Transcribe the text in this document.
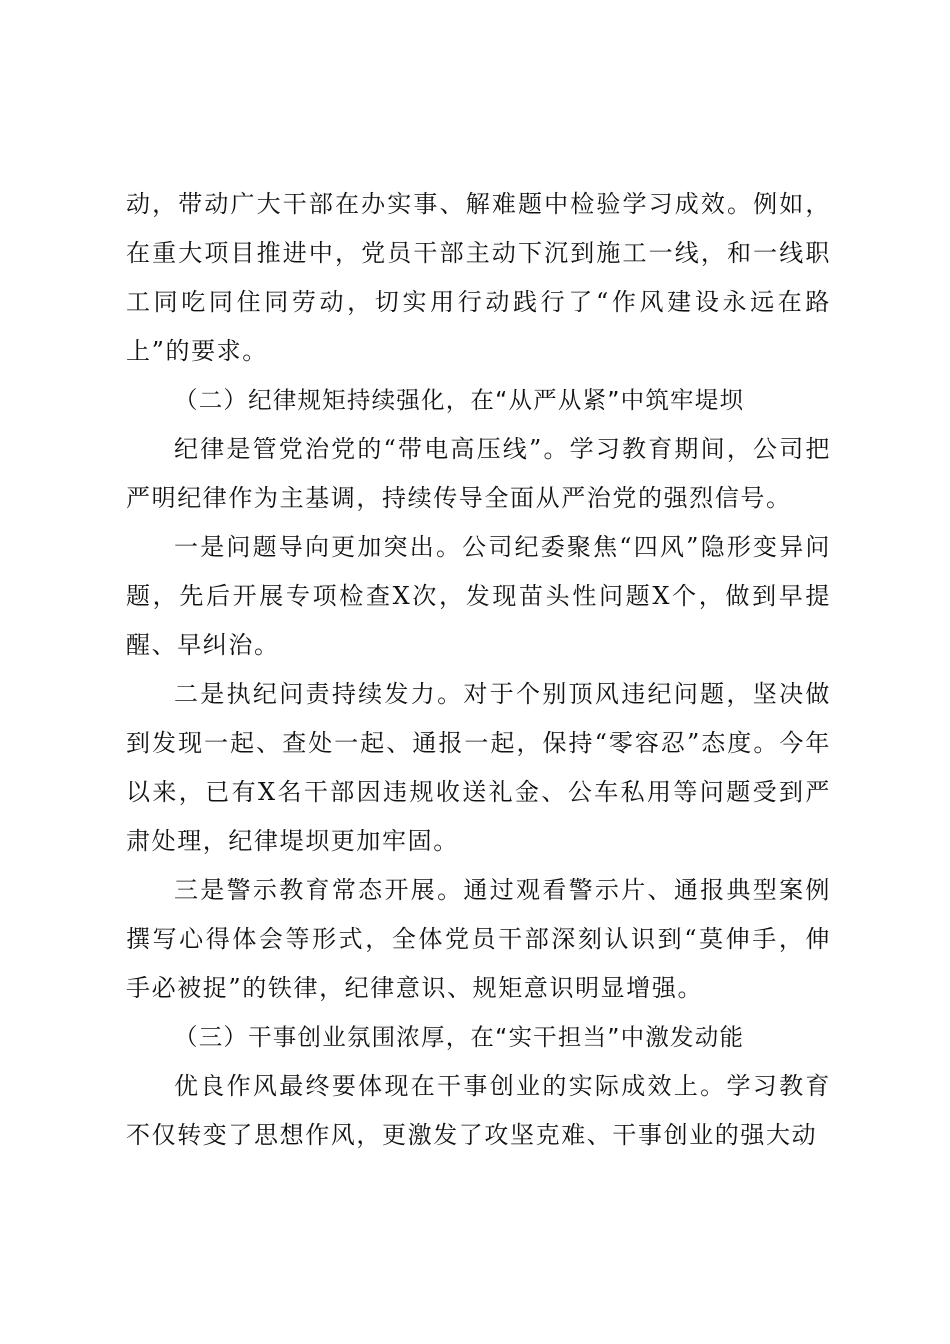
动，带动广大干部在办实事、解难题中检验学习成效。例如，在重大项目推进中，党员干部主动下沉到施工一线，和一线职工同吃同住同劳动，切实用行动践行了“作风建设永远在路上”的要求。

（二）纪律规矩持续强化，在“从严从紧”中筑牢堤坝

纪律是管党治党的“带电高压线”。学习教育期间，公司把严明纪律作为主基调，持续传导全面从严治党的强烈信号。

一是问题导向更加突出。公司纪委聚焦“四风”隐形变异问题，先后开展专项检查X次，发现苗头性问题X个，做到早提醒、早纠治。

二是执纪问责持续发力。对于个别顶风违纪问题，坚决做到发现一起、查处一起、通报一起，保持“零容忍”态度。今年以来，已有X名干部因违规收送礼金、公车私用等问题受到严肃处理，纪律堤坝更加牢固。

三是警示教育常态开展。通过观看警示片、通报典型案例撰写心得体会等形式，全体党员干部深刻认识到“莫伸手，伸手必被捉”的铁律，纪律意识、规矩意识明显增强。

（三）干事创业氛围浓厚，在“实干担当”中激发动能

优良作风最终要体现在干事创业的实际成效上。学习教育不仅转变了思想作风，更激发了攻坚克难、干事创业的强大动
